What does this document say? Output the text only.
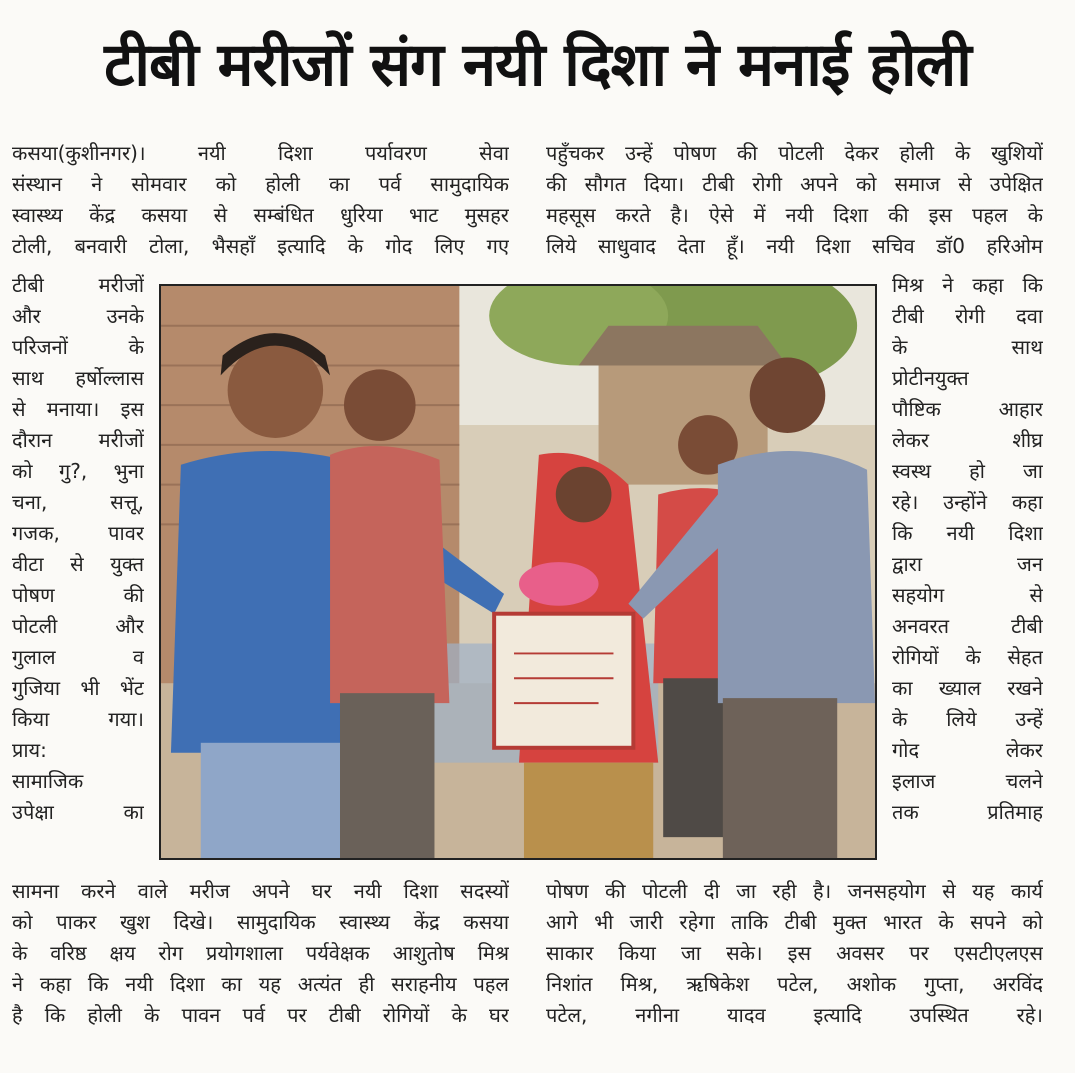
टीबी मरीजों संग नयी दिशा ने मनाई होली

कसया(कुशीनगर)। नयी दिशा पर्यावरण सेवा

संस्थान ने सोमवार को होली का पर्व सामुदायिक

स्वास्थ्य केंद्र कसया से सम्बंधित धुरिया भाट मुसहर

टोली, बनवारी टोला, भैसहाँ इत्यादि के गोद लिए गए

टीबी मरीजों

और उनके

परिजनों के

साथ हर्षोल्लास

से मनाया। इस

दौरान मरीजों

को गु?, भुना

चना, सत्तू,

गजक, पावर

वीटा से युक्त

पोषण की

पोटली और

गुलाल व

गुजिया भी भेंट

किया गया।

प्राय:

सामाजिक

उपेक्षा का

सामना करने वाले मरीज अपने घर नयी दिशा सदस्यों

को पाकर खुश दिखे। सामुदायिक स्वास्थ्य केंद्र कसया

के वरिष्ठ क्षय रोग प्रयोगशाला पर्यवेक्षक आशुतोष मिश्र

ने कहा कि नयी दिशा का यह अत्यंत ही सराहनीय पहल

है कि होली के पावन पर्व पर टीबी रोगियों के घर

पहुँचकर उन्हें पोषण की पोटली देकर होली के खुशियों

की सौगत दिया। टीबी रोगी अपने को समाज से उपेक्षित

महसूस करते है। ऐसे में नयी दिशा की इस पहल के

लिये साधुवाद देता हूँ। नयी दिशा सचिव डॉ0 हरिओम

मिश्र ने कहा कि

टीबी रोगी दवा

के साथ

प्रोटीनयुक्त

पौष्टिक आहार

लेकर शीघ्र

स्वस्थ हो जा

रहे। उन्होंने कहा

कि नयी दिशा

द्वारा जन

सहयोग से

अनवरत टीबी

रोगियों के सेहत

का ख्याल रखने

के लिये उन्हें

गोद लेकर

इलाज चलने

तक प्रतिमाह

पोषण की पोटली दी जा रही है। जनसहयोग से यह कार्य

आगे भी जारी रहेगा ताकि टीबी मुक्त भारत के सपने को

साकार किया जा सके। इस अवसर पर एसटीएलएस

निशांत मिश्र, ऋषिकेश पटेल, अशोक गुप्ता, अरविंद

पटेल, नगीना यादव इत्यादि उपस्थित रहे।
